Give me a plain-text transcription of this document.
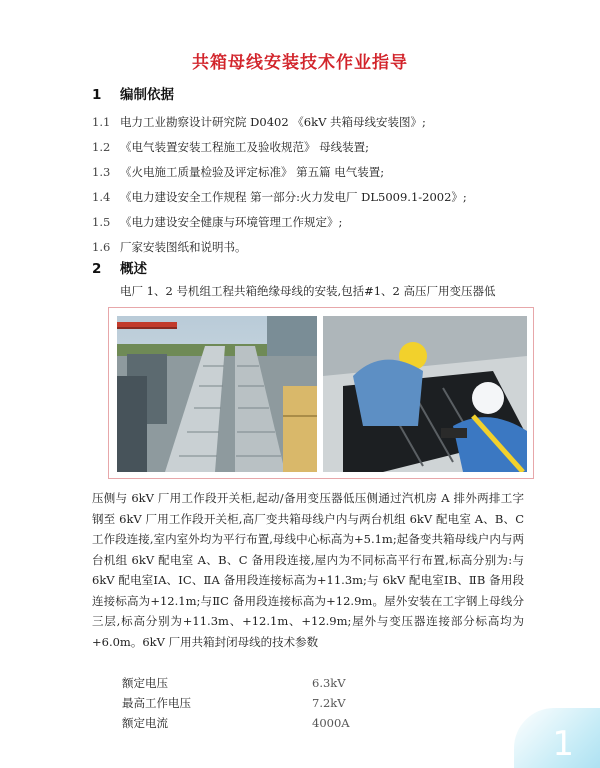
共箱母线安装技术作业指导
1 编制依据
1.1 电力工业勘察设计研究院 D0402 《6kV 共箱母线安装图》;
1.2 《电气装置安装工程施工及验收规范》 母线装置;
1.3 《火电施工质量检验及评定标准》 第五篇 电气装置;
1.4 《电力建设安全工作规程 第一部分:火力发电厂 DL5009.1-2002》;
1.5 《电力建设安全健康与环境管理工作规定》;
1.6 厂家安装图纸和说明书。
2 概述
电厂 1、2 号机组工程共箱绝缘母线的安装,包括#1、2 高压厂用变压器低

压侧与 6kV 厂用工作段开关柜,起动/备用变压器低压侧通过汽机房 A 排外两排工字钢至 6kV 厂用工作段开关柜,高厂变共箱母线户内与两台机组 6kV 配电室 A、B、C 工作段连接,室内室外均为平行布置,母线中心标高为+5.1m;起备变共箱母线户内与两台机组 6kV 配电室 A、B、C 备用段连接,屋内为不同标高平行布置,标高分别为:与 6kV 配电室ⅠA、ⅠC、ⅡA 备用段连接标高为+11.3m;与 6kV 配电室ⅠB、ⅡB 备用段连接标高为+12.1m;与ⅡC 备用段连接标高为+12.9m。屋外安装在工字钢上母线分三层,标高分别为+11.3m、+12.1m、+12.9m;屋外与变压器连接部分标高均为+6.0m。6kV 厂用共箱封闭母线的技术参数

额定电压	6.3kV
最高工作电压	7.2kV
额定电流	4000A
1
